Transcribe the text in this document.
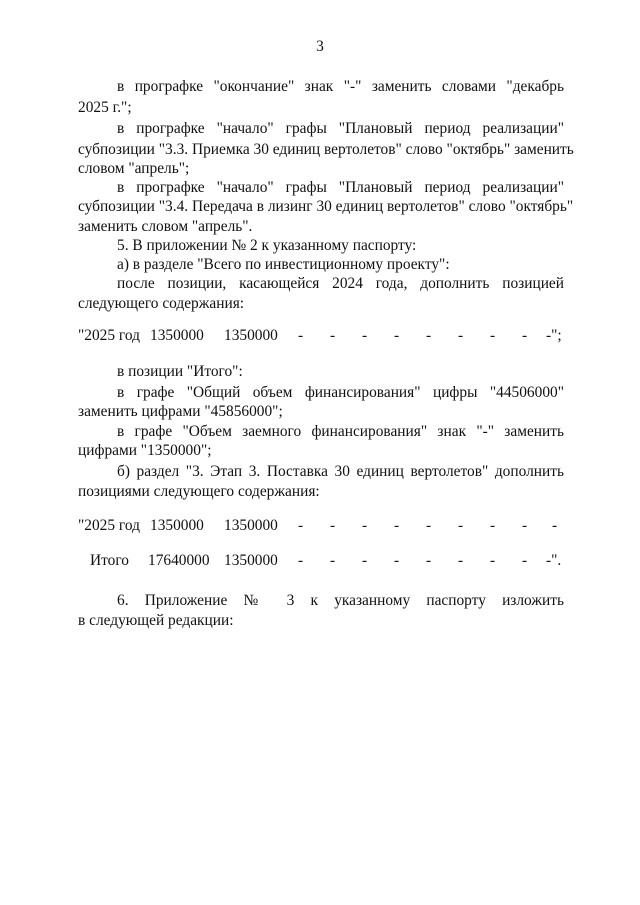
3
в прографке "окончание" знак "-" заменить словами "декабрь
2025 г.";
в прографке "начало" графы "Плановый период реализации"
субпозиции "3.3. Приемка 30 единиц вертолетов" слово "октябрь" заменить
словом "апрель";
в прографке "начало" графы "Плановый период реализации"
субпозиции "3.4. Передача в лизинг 30 единиц вертолетов" слово "октябрь"
заменить словом "апрель".
5. В приложении № 2 к указанному паспорту:
а) в разделе "Всего по инвестиционному проекту":
после позиции, касающейся 2024 года, дополнить позицией
следующего содержания:
"2025 год 1350000 1350000 - - - - - - - - -";
в позиции "Итого":
в графе "Общий объем финансирования" цифры "44506000"
заменить цифрами "45856000";
в графе "Объем заемного финансирования" знак "-" заменить
цифрами "1350000";
б) раздел "3. Этап 3. Поставка 30 единиц вертолетов" дополнить
позициями следующего содержания:
"2025 год 1350000 1350000 - - - - - - - - -
Итого 17640000 1350000 - - - - - - - - -".
6. Приложение № 3 к указанному паспорту изложить
в следующей редакции:
